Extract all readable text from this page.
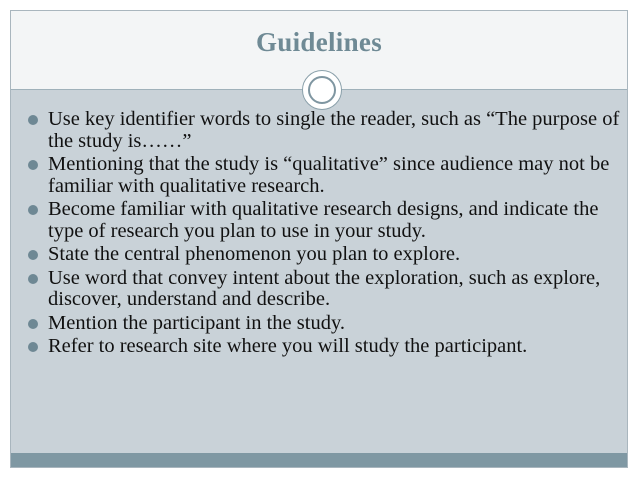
Guidelines
Use key identifier words to single the reader, such as “The purpose of the study is……”
Mentioning that the study is “qualitative” since audience may not be familiar with qualitative research.
Become familiar with qualitative research designs, and indicate the type of research you plan to use in your study.
State the central phenomenon you plan to explore.
Use word that convey intent about the exploration, such as explore, discover, understand and describe.
Mention the participant in the study.
Refer to research site where you will study the participant.
